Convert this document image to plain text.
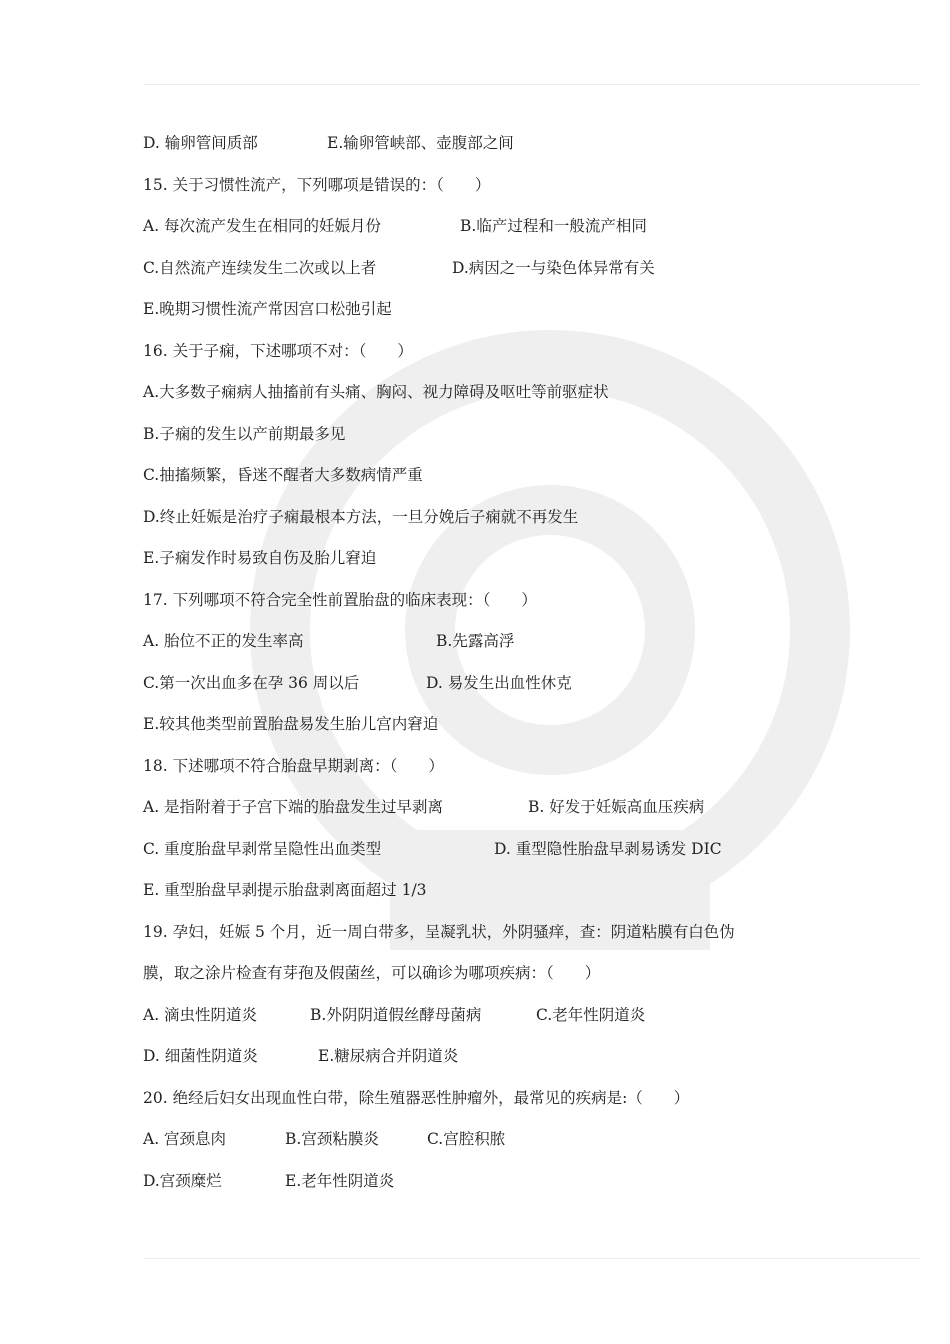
D. 输卵管间质部	E.输卵管峡部、壶腹部之间
15. 关于习惯性流产，下列哪项是错误的：（　　）
A. 每次流产发生在相同的妊娠月份	B.临产过程和一般流产相同
C.自然流产连续发生二次或以上者	D.病因之一与染色体异常有关
E.晚期习惯性流产常因宫口松弛引起
16. 关于子痫，下述哪项不对：（　　）
A.大多数子痫病人抽搐前有头痛、胸闷、视力障碍及呕吐等前驱症状
B.子痫的发生以产前期最多见
C.抽搐频繁，昏迷不醒者大多数病情严重
D.终止妊娠是治疗子痫最根本方法，一旦分娩后子痫就不再发生
E.子痫发作时易致自伤及胎儿窘迫
17. 下列哪项不符合完全性前置胎盘的临床表现：（　　）
A. 胎位不正的发生率高	B.先露高浮
C.第一次出血多在孕 36 周以后	D. 易发生出血性休克
E.较其他类型前置胎盘易发生胎儿宫内窘迫
18. 下述哪项不符合胎盘早期剥离：（　　）
A. 是指附着于子宫下端的胎盘发生过早剥离	B. 好发于妊娠高血压疾病
C. 重度胎盘早剥常呈隐性出血类型	D. 重型隐性胎盘早剥易诱发 DIC
E. 重型胎盘早剥提示胎盘剥离面超过 1/3
19. 孕妇，妊娠 5 个月，近一周白带多，呈凝乳状，外阴骚痒，查：阴道粘膜有白色伪
膜，取之涂片检查有芽孢及假菌丝，可以确诊为哪项疾病：（　　）
A. 滴虫性阴道炎	B.外阴阴道假丝酵母菌病	C.老年性阴道炎
D. 细菌性阴道炎	E.糖尿病合并阴道炎
20. 绝经后妇女出现血性白带，除生殖器恶性肿瘤外，最常见的疾病是:（　　）
A. 宫颈息肉	B.宫颈粘膜炎	C.宫腔积脓
D.宫颈糜烂	E.老年性阴道炎
